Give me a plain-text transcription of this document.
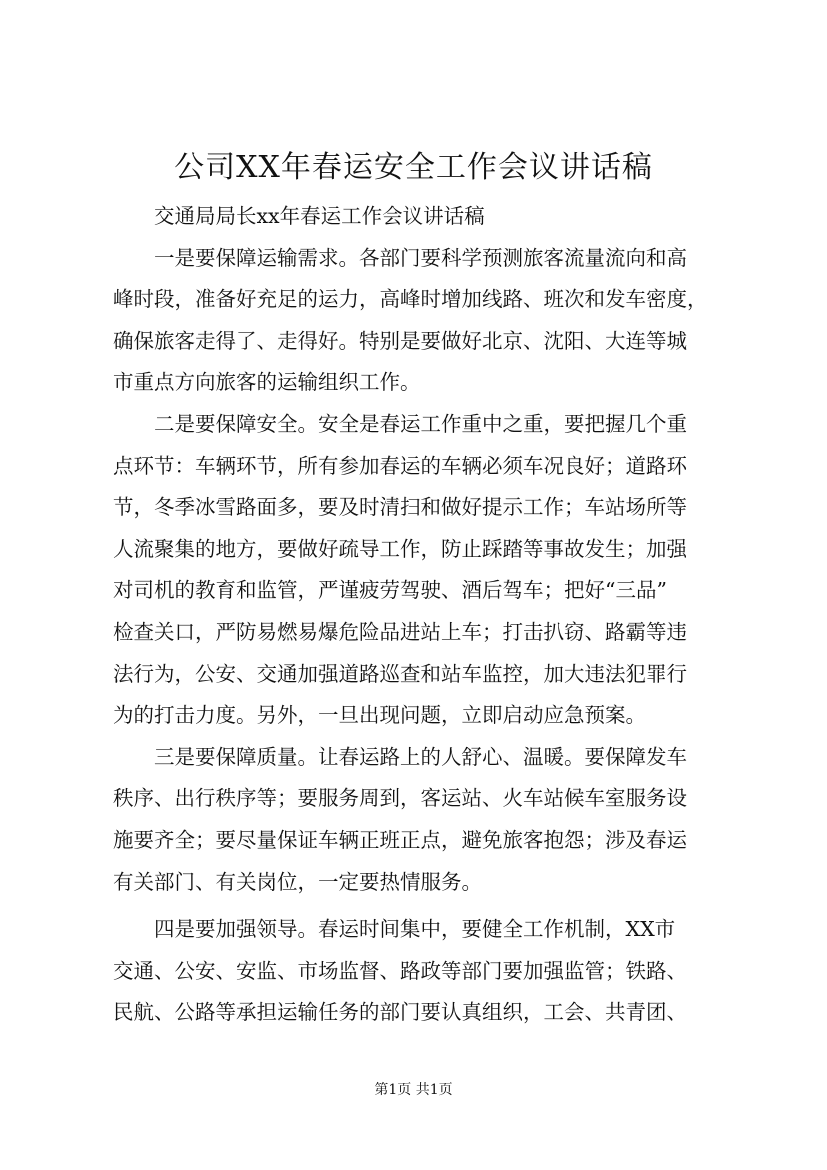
公司XX年春运安全工作会议讲话稿
交通局局长xx年春运工作会议讲话稿
一是要保障运输需求。各部门要科学预测旅客流量流向和高
峰时段，准备好充足的运力，高峰时增加线路、班次和发车密度，
确保旅客走得了、走得好。特别是要做好北京、沈阳、大连等城
市重点方向旅客的运输组织工作。
二是要保障安全。安全是春运工作重中之重，要把握几个重
点环节：车辆环节，所有参加春运的车辆必须车况良好；道路环
节，冬季冰雪路面多，要及时清扫和做好提示工作；车站场所等
人流聚集的地方，要做好疏导工作，防止踩踏等事故发生；加强
对司机的教育和监管，严谨疲劳驾驶、酒后驾车；把好“三品”
检查关口，严防易燃易爆危险品进站上车；打击扒窃、路霸等违
法行为，公安、交通加强道路巡查和站车监控，加大违法犯罪行
为的打击力度。另外，一旦出现问题，立即启动应急预案。
三是要保障质量。让春运路上的人舒心、温暖。要保障发车
秩序、出行秩序等；要服务周到，客运站、火车站候车室服务设
施要齐全；要尽量保证车辆正班正点，避免旅客抱怨；涉及春运
有关部门、有关岗位，一定要热情服务。
四是要加强领导。春运时间集中，要健全工作机制，XX市
交通、公安、安监、市场监督、路政等部门要加强监管；铁路、
民航、公路等承担运输任务的部门要认真组织，工会、共青团、
第1页 共1页
